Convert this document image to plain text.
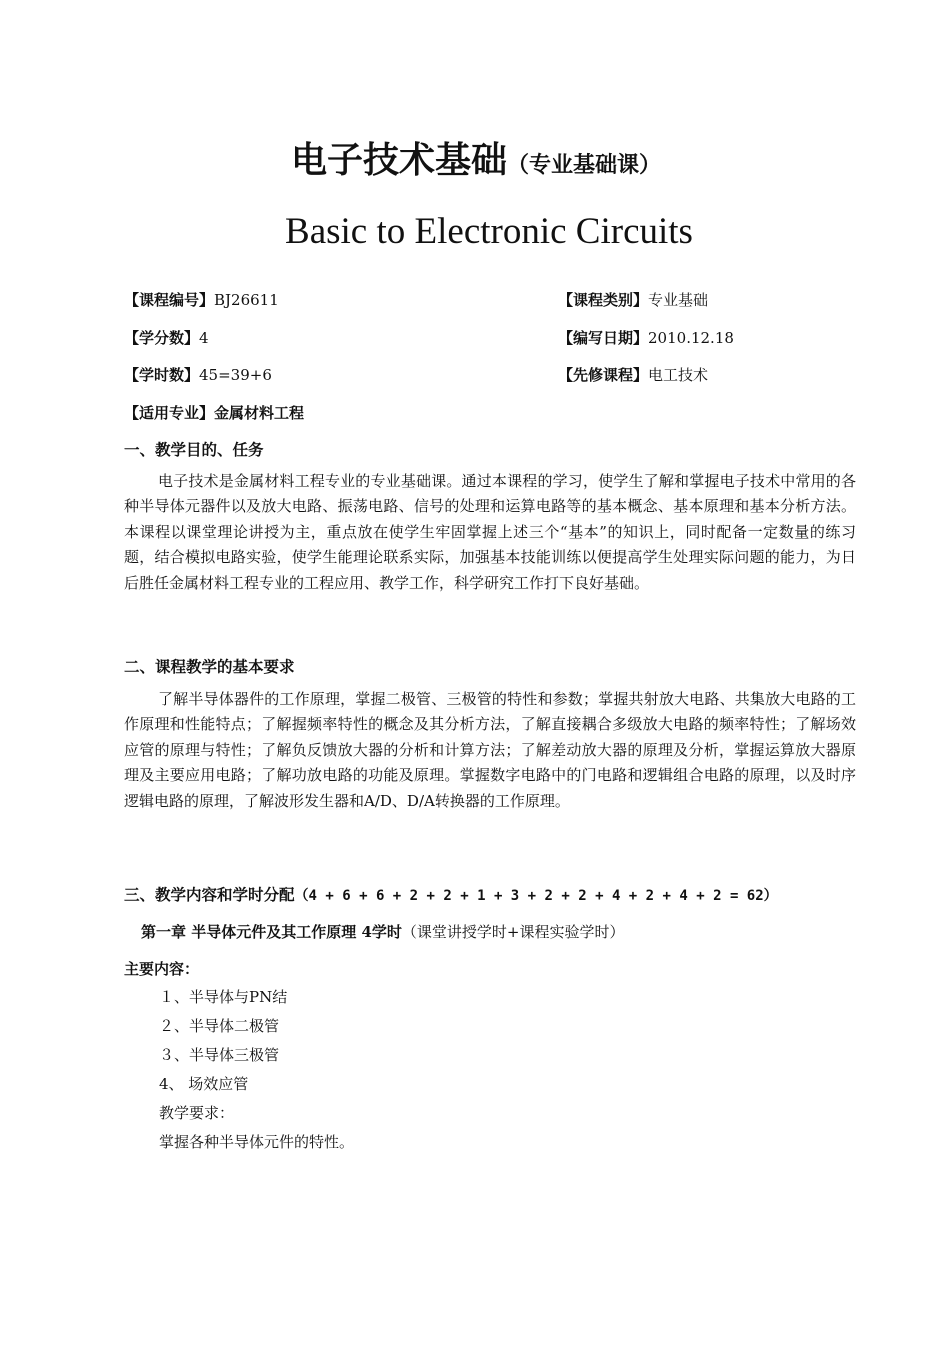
电子技术基础（专业基础课）
Basic to Electronic Circuits
【课程编号】BJ26611	【课程类别】专业基础
【学分数】4	【编写日期】2010.12.18
【学时数】45=39+6	【先修课程】电工技术
【适用专业】金属材料工程
一、教学目的、任务
电子技术是金属材料工程专业的专业基础课。通过本课程的学习，使学生了解和掌握电子技术中常用的各种半导体元器件以及放大电路、振荡电路、信号的处理和运算电路等的基本概念、基本原理和基本分析方法。本课程以课堂理论讲授为主，重点放在使学生牢固掌握上述三个“基本”的知识上，同时配备一定数量的练习题，结合模拟电路实验，使学生能理论联系实际，加强基本技能训练以便提高学生处理实际问题的能力，为日后胜任金属材料工程专业的工程应用、教学工作，科学研究工作打下良好基础。
二、课程教学的基本要求
了解半导体器件的工作原理，掌握二极管、三极管的特性和参数；掌握共射放大电路、共集放大电路的工作原理和性能特点；了解握频率特性的概念及其分析方法，了解直接耦合多级放大电路的频率特性；了解场效应管的原理与特性；了解负反馈放大器的分析和计算方法；了解差动放大器的原理及分析，掌握运算放大器原理及主要应用电路；了解功放电路的功能及原理。掌握数字电路中的门电路和逻辑组合电路的原理，以及时序逻辑电路的原理，了解波形发生器和A/D、D/A转换器的工作原理。
三、教学内容和学时分配（4 + 6 + 6 + 2 + 2 + 1 + 3 + 2 + 2 + 4 + 2 + 4 + 2 = 62）
第一章 半导体元件及其工作原理 4学时（课堂讲授学时+课程实验学时）
主要内容：
１、半导体与PN结
２、半导体二极管
３、半导体三极管
4、 场效应管
教学要求：
掌握各种半导体元件的特性。
